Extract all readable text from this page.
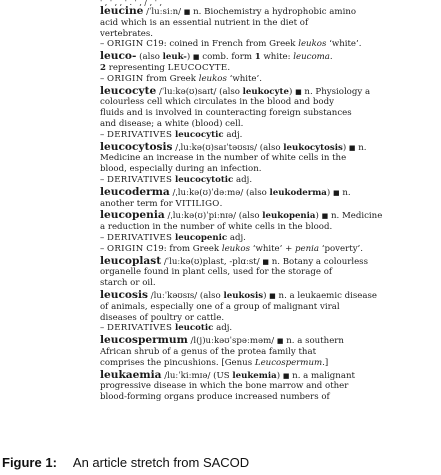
' , ' , , ' . ' , / , ' ,
leucine /ˈluːsiːn/ ■ n. Biochemistry a hydrophobic amino
acid which is an essential nutrient in the diet of
vertebrates.
– ORIGIN C19: coined in French from Greek leukos ‘white’.
leuco- (also leuk-) ■ comb. form 1 white: leucoma.
2 representing LEUCOCYTE.
– ORIGIN from Greek leukos ‘white’.
leucocyte /ˈluːkə(ʊ)saɪt/ (also leukocyte) ■ n. Physiology a
colourless cell which circulates in the blood and body
fluids and is involved in counteracting foreign substances
and disease; a white (blood) cell.
– DERIVATIVES leucocytic adj.
leucocytosis /ˌluːkə(ʊ)saɪˈtəʊsɪs/ (also leukocytosis) ■ n.
Medicine an increase in the number of white cells in the
blood, especially during an infection.
– DERIVATIVES leucocytotic adj.
leucoderma /ˌluːkə(ʊ)ˈdəːmə/ (also leukoderma) ■ n.
another term for VITILIGO.
leucopenia /ˌluːkə(ʊ)ˈpiːnɪə/ (also leukopenia) ■ n. Medicine
a reduction in the number of white cells in the blood.
– DERIVATIVES leucopenic adj.
– ORIGIN C19: from Greek leukos ‘white’ + penia ‘poverty’.
leucoplast /ˈluːkə(ʊ)plast, -plɑːst/ ■ n. Botany a colourless
organelle found in plant cells, used for the storage of
starch or oil.
leucosis /luːˈkəʊsɪs/ (also leukosis) ■ n. a leukaemic disease
of animals, especially one of a group of malignant viral
diseases of poultry or cattle.
– DERIVATIVES leucotic adj.
leucospermum /l(j)uːkəʊˈspəːməm/ ■ n. a southern
African shrub of a genus of the protea family that
comprises the pincushions. [Genus Leucospermum.]
leukaemia /luːˈkiːmɪə/ (US leukemia) ■ n. a malignant
progressive disease in which the bone marrow and other
blood-forming organs produce increased numbers of
Figure 1: An article stretch from SACOD
